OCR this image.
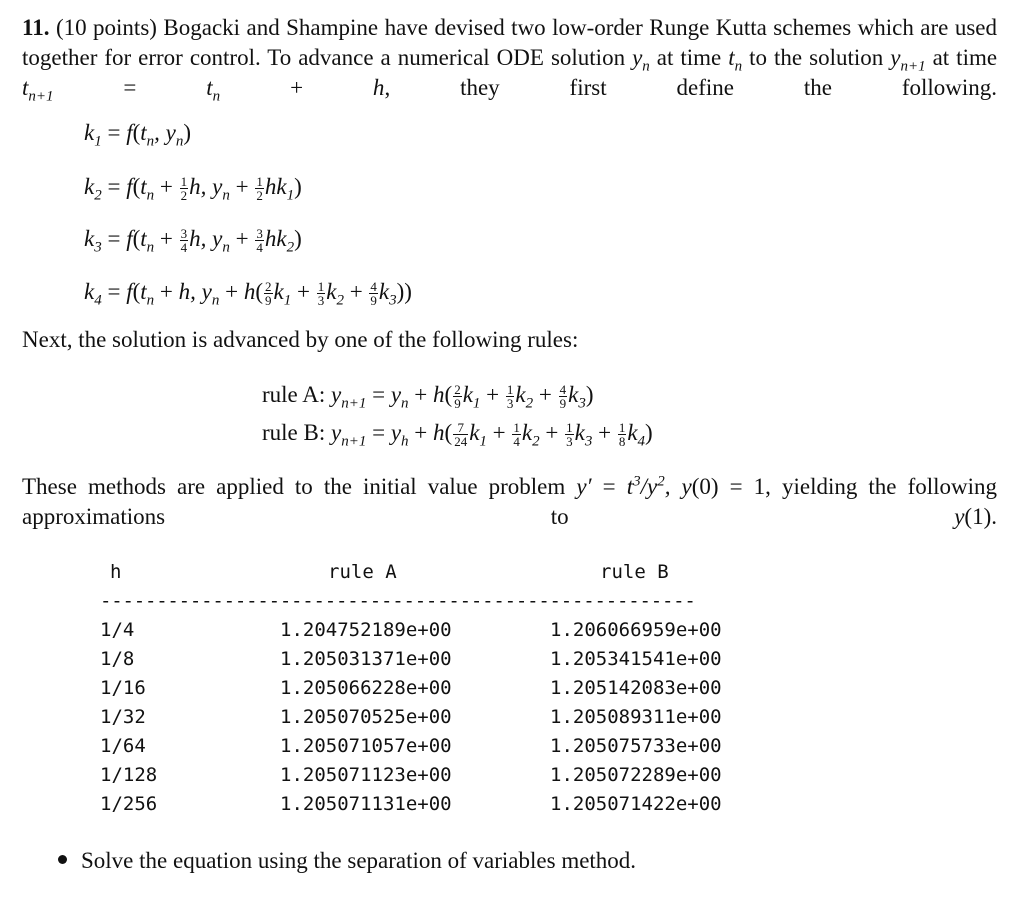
11. (10 points) Bogacki and Shampine have devised two low-order Runge Kutta schemes which are used together for error control. To advance a numerical ODE solution $y_n$ at time $t_n$ to the solution $y_{n+1}$ at time $t_{n+1}$	= $t_n$	+ h, they first define the following.
$k_1 = f(t_n$, $y_n$)
$k_2 = f(t_n + \frac{1}{2} h$, $y_n + \frac{1}{2} hk_1$)
$k_3 = f(t_n + \frac{3}{4} h$, $y_n + \frac{3}{4} hk_2$)
$k_4 = f(t_n + h$, $y_n + h( \frac{2}{9} k_1 + \frac{1}{3} k_2 + \frac{4}{9} k_3)$)
Next, the solution is advanced by one of the following rules:
rule A: $y_{n+1} = y_n + h( \frac{2}{9} k_1 + \frac{1}{3} k_2 + \frac{4}{9} k_3)$
rule B: $y_{n+1} = y_h + h( \frac{7}{24} k_1 + \frac{1}{4} k_2 + \frac{1}{3} k_3 + \frac{1}{8} k_4)$
These methods are applied to the initial value problem $y' = t^3/y^2$, y(0) = 1, yielding the following approximations to	y(1).
h	rule A	rule B
-----------------------------------------------------
1/4	1.204752189e+00	1.206066959e+00
1/8	1.205031371e+00	1.205341541e+00
1/16	1.205066228e+00	1.205142083e+00
1/32	1.205070525e+00	1.205089311e+00
1/64	1.205071057e+00	1.205075733e+00
1/128	1.205071123e+00	1.205072289e+00
1/256	1.205071131e+00	1.205071422e+00
Solve the equation using the separation of variables method.
